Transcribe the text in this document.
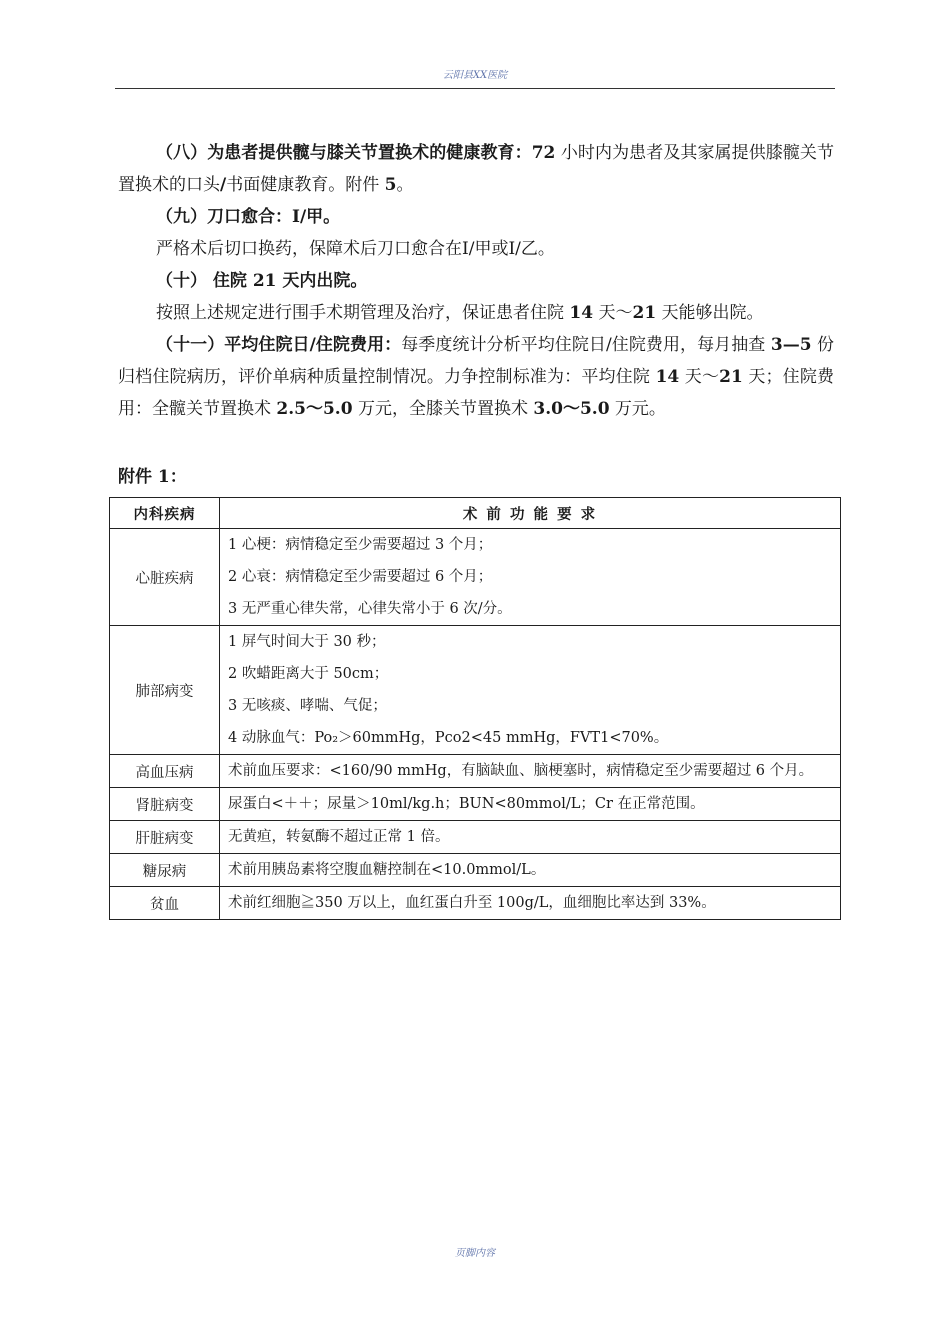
云阳县XX医院

（八）为患者提供髋与膝关节置换术的健康教育：72 小时内为患者及其家属提供膝髋关节置换术的口头/书面健康教育。附件 5。

（九）刀口愈合：Ⅰ/甲。

严格术后切口换药，保障术后刀口愈合在Ⅰ/甲或Ⅰ/乙。

（十） 住院 21 天内出院。

按照上述规定进行围手术期管理及治疗，保证患者住院 14 天～21 天能够出院。

（十一）平均住院日/住院费用：每季度统计分析平均住院日/住院费用，每月抽查 3—5 份归档住院病历，评价单病种质量控制情况。力争控制标准为：平均住院 14 天～21 天；住院费用：全髋关节置换术 2.5～5.0 万元，全膝关节置换术 3.0～5.0 万元。

附件 1：
内科疾病	术 前 功 能 要 求
心脏疾病	1 心梗：病情稳定至少需要超过 3 个月；
2 心衰：病情稳定至少需要超过 6 个月；
3 无严重心律失常，心律失常小于 6 次/分。

肺部病变	1 屏气时间大于 30 秒；
2 吹蜡距离大于 50cm；
3 无咳痰、哮喘、气促；
4 动脉血气：Po₂＞60mmHg，Pco2<45 mmHg，FVT1<70%。

高血压病	术前血压要求：<160/90 mmHg，有脑缺血、脑梗塞时，病情稳定至少需要超过 6 个月。

肾脏病变	尿蛋白<＋＋；尿量＞10ml/kg.h；BUN<80mmol/L；Cr 在正常范围。

肝脏病变	无黄疸，转氨酶不超过正常 1 倍。

糖尿病	术前用胰岛素将空腹血糖控制在<10.0mmol/L。

贫血	术前红细胞≧350 万以上，血红蛋白升至 100g/L，血细胞比率达到 33%。
页脚内容
